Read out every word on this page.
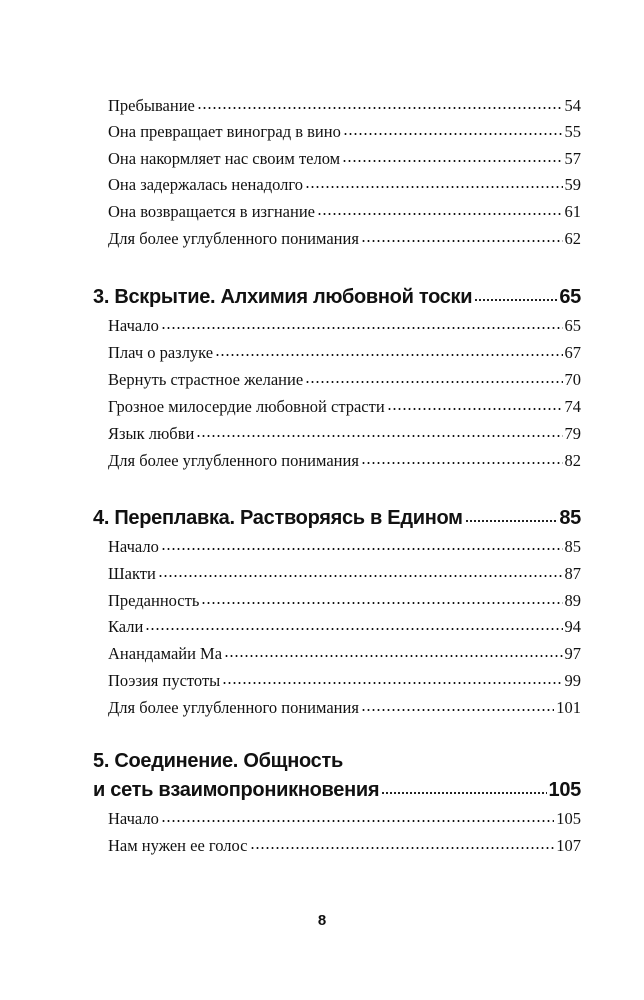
Пребывание	54
Она превращает виноград в вино	55
Она накормляет нас своим телом	57
Она задержалась ненадолго	59
Она возвращается в изгнание	61
Для более углубленного понимания	62
3. Вскрытие. Алхимия любовной тоски	65
Начало	65
Плач о разлуке	67
Вернуть страстное желание	70
Грозное милосердие любовной страсти	74
Язык любви	79
Для более углубленного понимания	82
4. Переплавка. Растворяясь в Едином	85
Начало	85
Шакти	87
Преданность	89
Кали	94
Анандамайи Ма	97
Поэзия пустоты	99
Для более углубленного понимания	101
5. Соединение. Общность
и сеть взаимопроникновения	105
Начало	105
Нам нужен ее голос	107
8
